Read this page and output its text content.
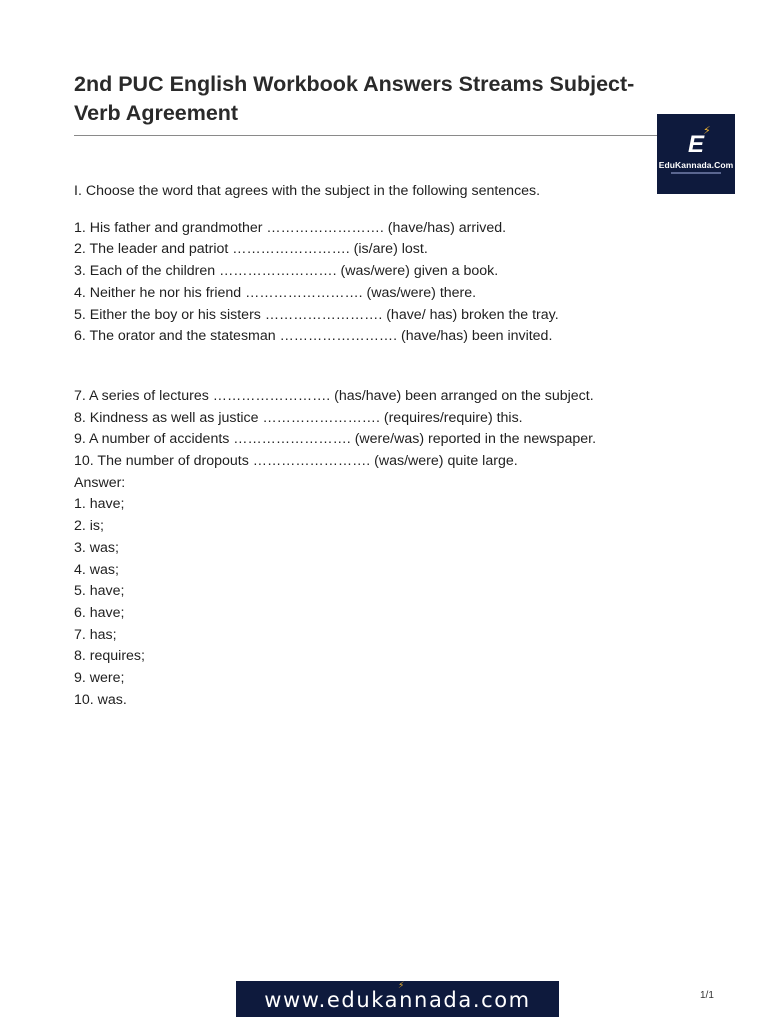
2nd PUC English Workbook Answers Streams Subject-Verb Agreement
⚡
E
EduKannada.Com

I. Choose the word that agrees with the subject in the following sentences.

1. His father and grandmother ……………………. (have/has) arrived.

2. The leader and patriot ……………………. (is/are) lost.

3. Each of the children ……………………. (was/were) given a book.

4. Neither he nor his friend ……………………. (was/were) there.

5. Either the boy or his sisters ……………………. (have/ has) broken the tray.

6. The orator and the statesman ……………………. (have/has) been invited.

7. A series of lectures ……………………. (has/have) been arranged on the subject.

8. Kindness as well as justice ……………………. (requires/require) this.

9. A number of accidents ……………………. (were/was) reported in the newspaper.

10. The number of dropouts ……………………. (was/were) quite large.

Answer:

1. have;

2. is;

3. was;

4. was;

5. have;

6. have;

7. has;

8. requires;

9. were;

10. was.

⚡
www.edukannada.com	1/1
